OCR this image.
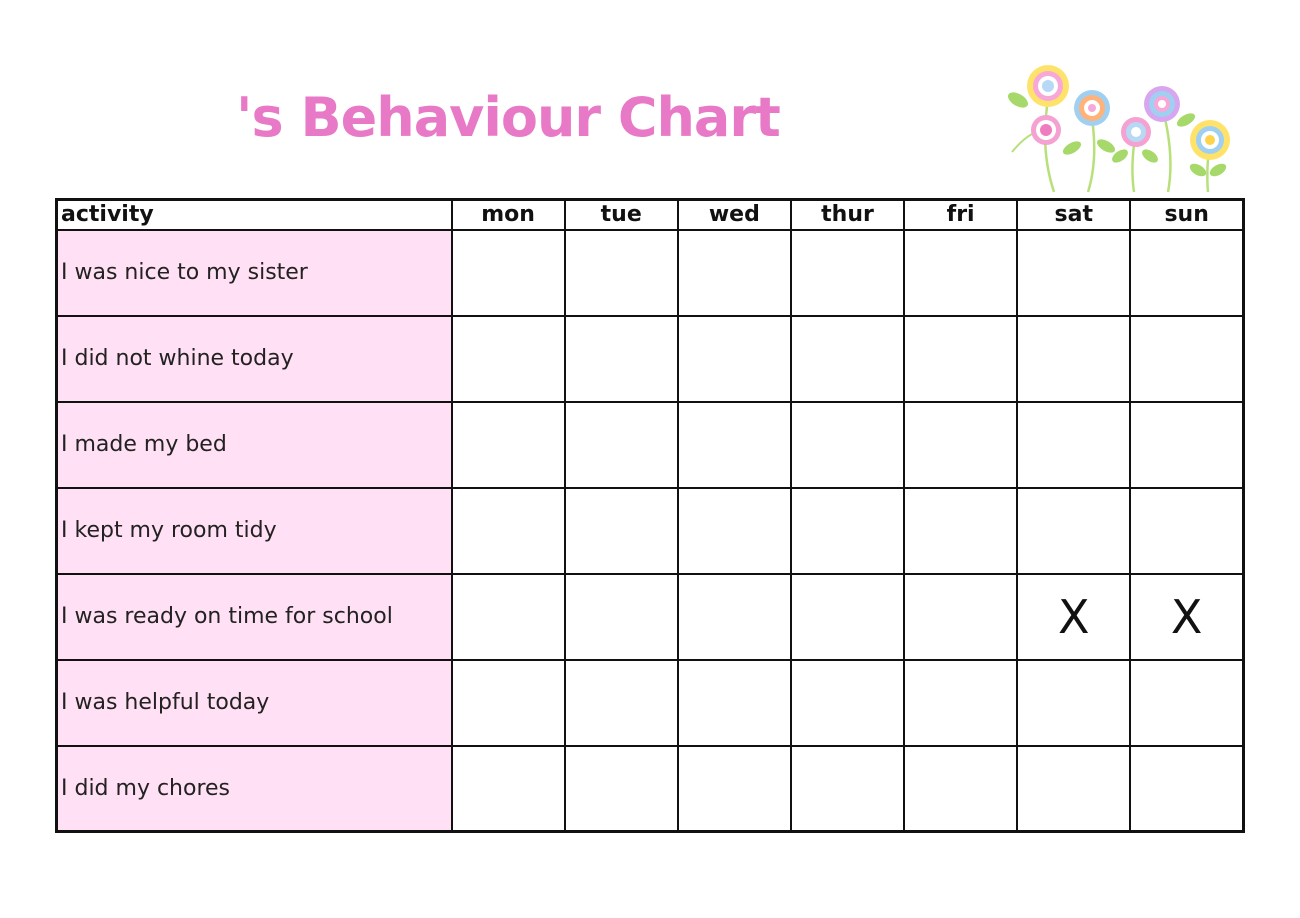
's Behaviour Chart
activity	mon	tue	wed	thur	fri	sat	sun
I was nice to my sister							
I did not whine today							
I made my bed							
I kept my room tidy							
I was ready on time for school						X	X
I was helpful today							
I did my chores							
